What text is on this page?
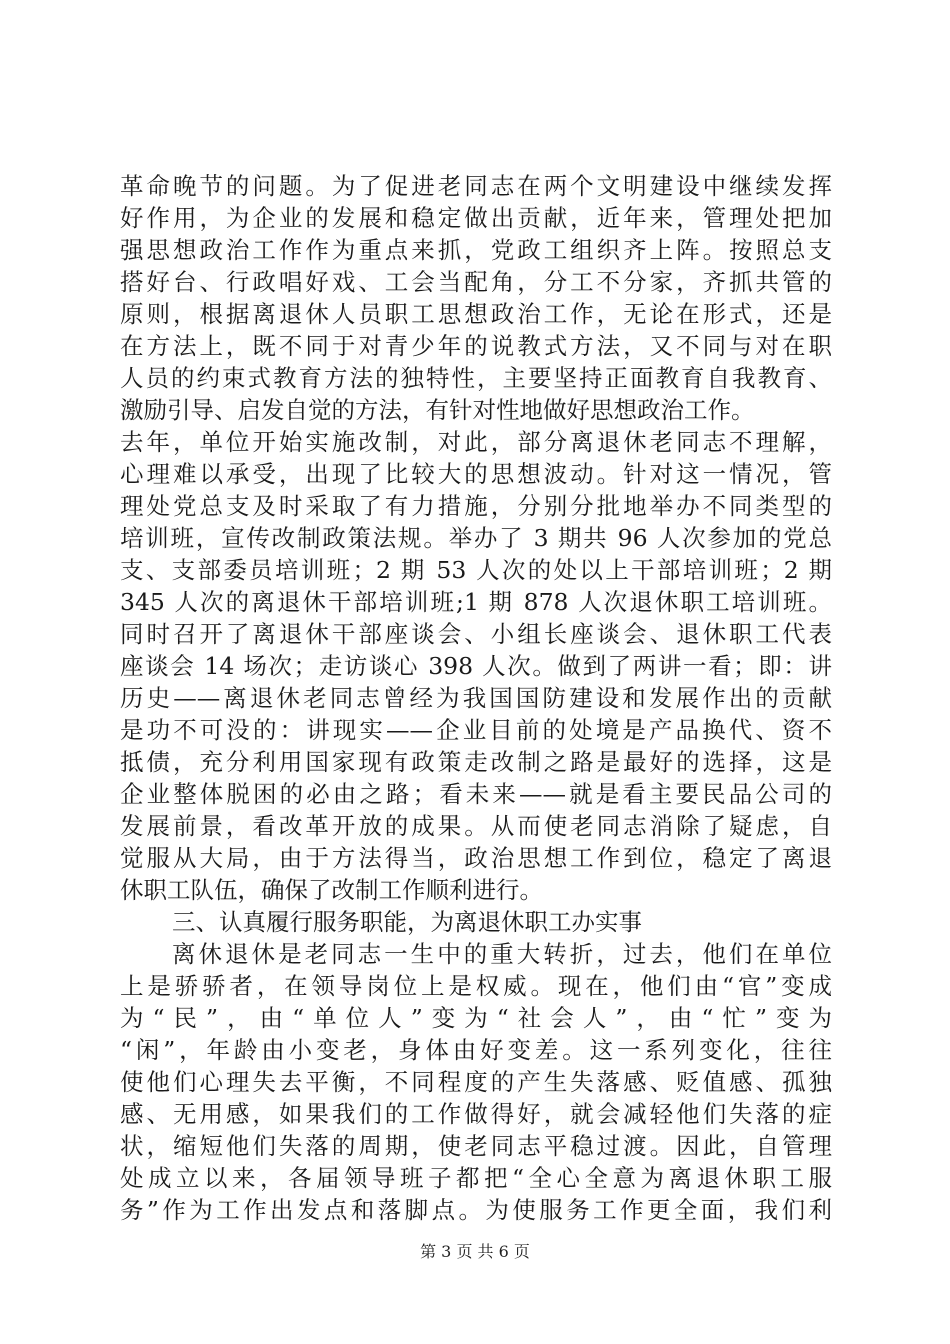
革命晚节的问题。为了促进老同志在两个文明建设中继续发挥
好作用，为企业的发展和稳定做出贡献，近年来，管理处把加
强思想政治工作作为重点来抓，党政工组织齐上阵。按照总支
搭好台、行政唱好戏、工会当配角，分工不分家，齐抓共管的
原则，根据离退休人员职工思想政治工作，无论在形式，还是
在方法上，既不同于对青少年的说教式方法，又不同与对在职
人员的约束式教育方法的独特性，主要坚持正面教育自我教育、
激励引导、启发自觉的方法，有针对性地做好思想政治工作。
去年，单位开始实施改制，对此，部分离退休老同志不理解，
心理难以承受，出现了比较大的思想波动。针对这一情况，管
理处党总支及时采取了有力措施，分别分批地举办不同类型的
培训班，宣传改制政策法规。举办了 3 期共 96 人次参加的党总
支、支部委员培训班；2 期 53 人次的处以上干部培训班；2 期
345 人次的离退休干部培训班;1 期 878 人次退休职工培训班。
同时召开了离退休干部座谈会、小组长座谈会、退休职工代表
座谈会 14 场次；走访谈心 398 人次。做到了两讲一看；即：讲
历史——离退休老同志曾经为我国国防建设和发展作出的贡献
是功不可没的：讲现实——企业目前的处境是产品换代、资不
抵债，充分利用国家现有政策走改制之路是最好的选择，这是
企业整体脱困的必由之路；看未来——就是看主要民品公司的
发展前景，看改革开放的成果。从而使老同志消除了疑虑，自
觉服从大局，由于方法得当，政治思想工作到位，稳定了离退
休职工队伍，确保了改制工作顺利进行。
三、认真履行服务职能，为离退休职工办实事
离休退休是老同志一生中的重大转折，过去，他们在单位
上是骄骄者，在领导岗位上是权威。现在，他们由“官”变成
为“民”，由“单位人”变为“社会人”，由“忙”变为
“闲”，年龄由小变老，身体由好变差。这一系列变化，往往
使他们心理失去平衡，不同程度的产生失落感、贬值感、孤独
感、无用感，如果我们的工作做得好，就会减轻他们失落的症
状，缩短他们失落的周期，使老同志平稳过渡。因此，自管理
处成立以来，各届领导班子都把“全心全意为离退休职工服
务”作为工作出发点和落脚点。为使服务工作更全面，我们利
第 3 页 共 6 页
